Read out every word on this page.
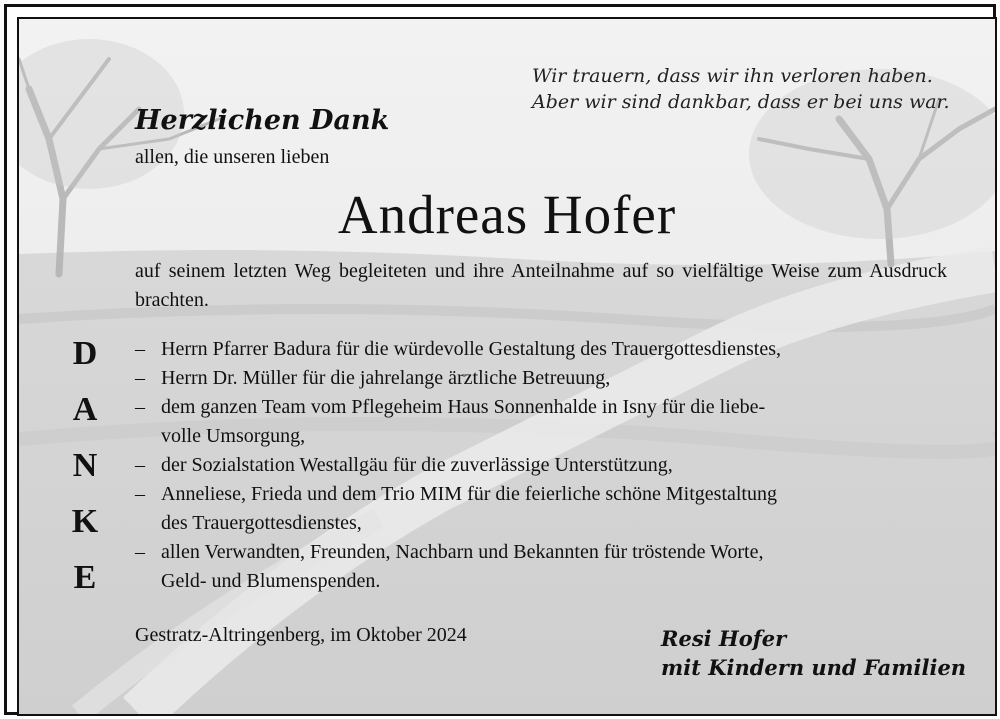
Wir trauern, dass wir ihn verloren haben.
Aber wir sind dankbar, dass er bei uns war.
Herzlichen Dank
allen, die unseren lieben
Andreas Hofer
auf seinem letzten Weg begleiteten und ihre Anteilnahme auf so vielfältige Weise zum Ausdruck brachten.
D
A
N
K
E
– Herrn Pfarrer Badura für die würdevolle Gestaltung des Trauergottesdienstes,
– Herrn Dr. Müller für die jahrelange ärztliche Betreuung,
– dem ganzen Team vom Pflegeheim Haus Sonnenhalde in Isny für die liebe-
volle Umsorgung,
– der Sozialstation Westallgäu für die zuverlässige Unterstützung,
– Anneliese, Frieda und dem Trio MIM für die feierliche schöne Mitgestaltung
des Trauergottesdienstes,
– allen Verwandten, Freunden, Nachbarn und Bekannten für tröstende Worte,
Geld- und Blumenspenden.
Gestratz-Altringenberg, im Oktober 2024	Resi Hofer
mit Kindern und Familien
